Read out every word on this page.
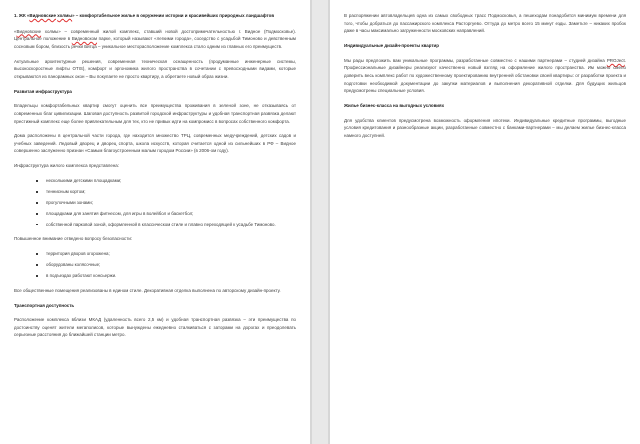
1. ЖК «Видновские холмы» – комфортабельное жилье в окружении истории и красивейших природных ландшафтов

«Видновские холмы» – современный жилой комплекс, ставший новой достопримечательностью г. Видное (Подмосковье). Центральное положение в Видновском парке, который называют «легкими города», соседство с усадьбой Тимоново и девственным сосновым бором, близость речки Битца – уникальное месторасположение комплекса стало одним из главных его преимуществ.

Актуальные архитектурные решения, современная техническая оснащенность (продуманные инженерные системы, высокоскоростные лифты OTIS), комфорт и эргономика жилого пространства в сочетании с превосходными видами, которые открываются из панорамных окон – Вы покупаете не просто квартиру, а обретаете новый образ жизни.

Развитая инфраструктура

Владельцы комфортабельных квартир смогут оценить все преимущества проживания в зеленой зоне, не отказываясь от современных благ цивилизации. Шаговая доступность развитой городской инфраструктуры и удобная транспортная развязка делают престижный комплекс еще более привлекательным для тех, кто не привык идти на компромисс в вопросах собственного комфорта.

Дома расположены в центральной части города, где находится множество ТРЦ, современных медучреждений, детских садов и учебных заведений. Ледовый дворец и дворец спорта, школа искусств, которая считается одной из сильнейших в РФ – Видное совершенно заслуженно признан «Самым благоустроенным малым городом России» (в 2006-ом году).

Инфраструктура жилого комплекса представлена:

несколькими детскими площадками;
теннисным кортом;
прогулочными зонами;
площадками для занятия фитнесом, для игры в волейбол и баскетбол;
собственной парковой зоной, оформленной в классическом стиле и плавно переходящей к усадьбе Тимоново.

Повышенное внимание отведено вопросу безопасности:

территория дворов огорожена;
оборудованы колясочные;
в подъездах работают консьержи.

Все общественные помещения реализованы в едином стиле. Декоративная отделка выполнена по авторскому дизайн-проекту.

Транспортная доступность

Расположение комплекса вблизи МКАД (удаленность всего 2,5 км) и удобная транспортная развязка – эти преимущества по достоинству оценят жители мегаполисов, которые вынуждены ежедневно сталкиваться с заторами на дорогах и преодолевать серьезные расстояния до ближайшей станции метро.

В распоряжении автовладельцев одна из самых свободных трасс Подмосковья, а пешеходам понадобится минимум времени для того, чтобы добраться до пассажирского комплекса Расторгуево. Оттуда до метро всего 15 минут езды. Заметьте – никаких пробок даже в часы максимально загруженности московских направлений.

Индивидуальные дизайн-проекты квартир

Мы рады предложить вам уникальные программы, разработанные совместно с нашими партнерами – студией дизайна PROJect. Профессиональные дизайнеры реализуют качественно новый взгляд на оформление жилого пространства. Им можно смело доверить весь комплекс работ по художественному проектированию внутренней обстановки своей квартиры: от разработки проекта и подготовки необходимой документации до закупки материалов и выполнения декоративной отделки. Для будущих жильцов предусмотрены специальные условия.

Жилье бизнес-класса на выгодных условиях

Для удобства клиентов предусмотрена возможность оформления ипотеки. Индивидуальные кредитные программы, выгодные условия кредитования и разнообразные акции, разработанные совместно с банками-партнерами – мы делаем жилье бизнес-класса намного доступней.
